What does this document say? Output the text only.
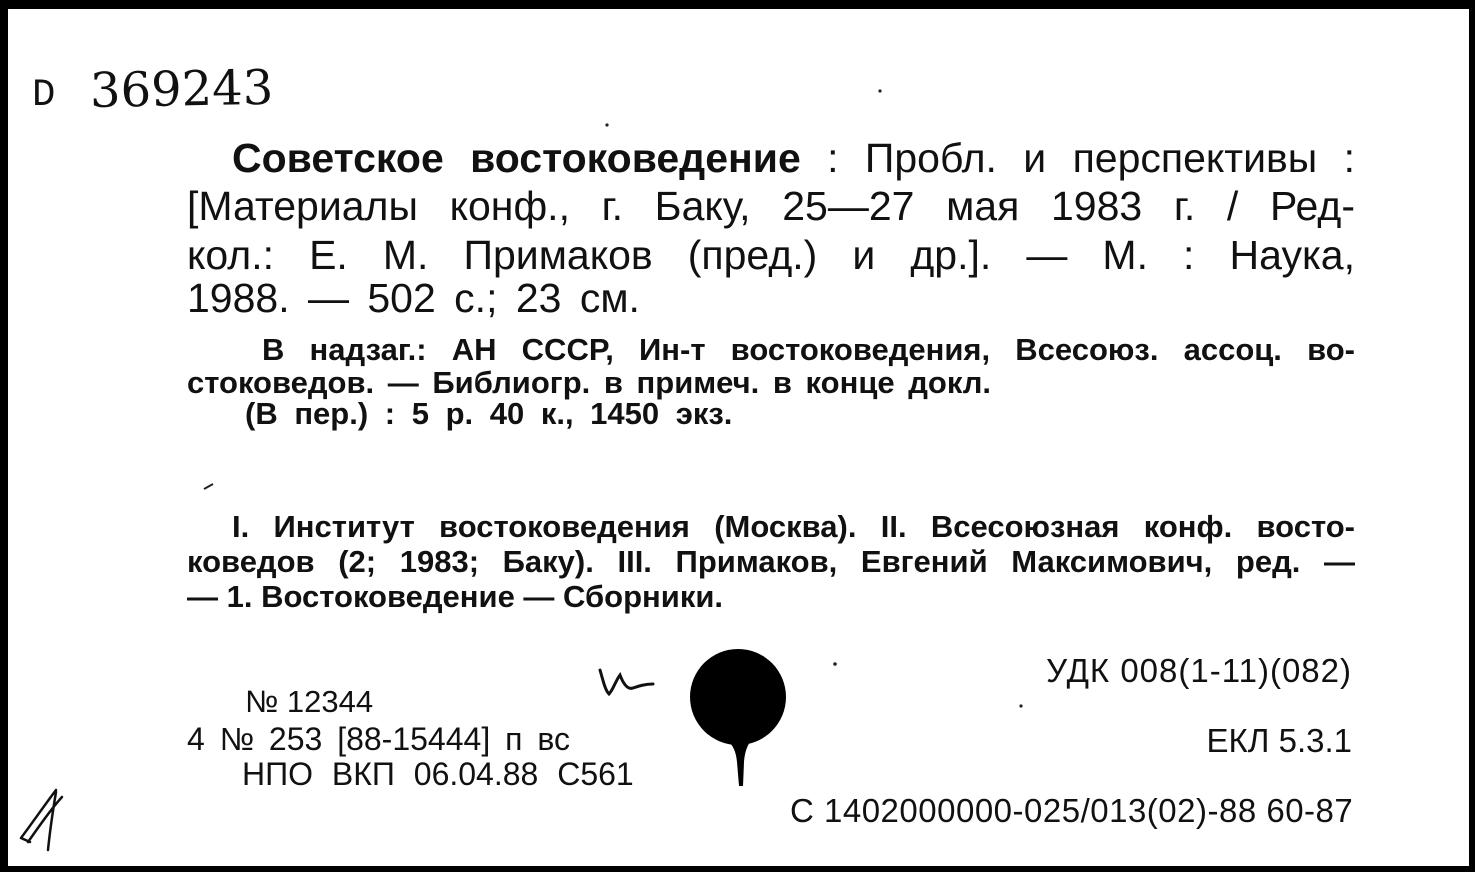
D 369243
Советское востоковедение : Пробл. и перспективы :
[Материалы конф., г. Баку, 25—27 мая 1983 г. / Ред-
кол.: Е. М. Примаков (пред.) и др.]. — М. : Наука,
1988. — 502 с.; 23 см.
В надзаг.: АН СССР, Ин-т востоковедения, Всесоюз. ассоц. во-
стоковедов. — Библиогр. в примеч. в конце докл.
(В пер.) : 5 р. 40 к., 1450 экз.
I. Институт востоковедения (Москва). II. Всесоюзная конф. восто-
коведов (2; 1983; Баку). III. Примаков, Евгений Максимович, ред. —
— 1. Востоковедение — Сборники.
№ 12344
4 № 253 [88-15444] п вс
НПО ВКП 06.04.88 С561
УДК 008(1-11)(082)
ЕКЛ 5.3.1
С 1402000000-025/013(02)-88 60-87
